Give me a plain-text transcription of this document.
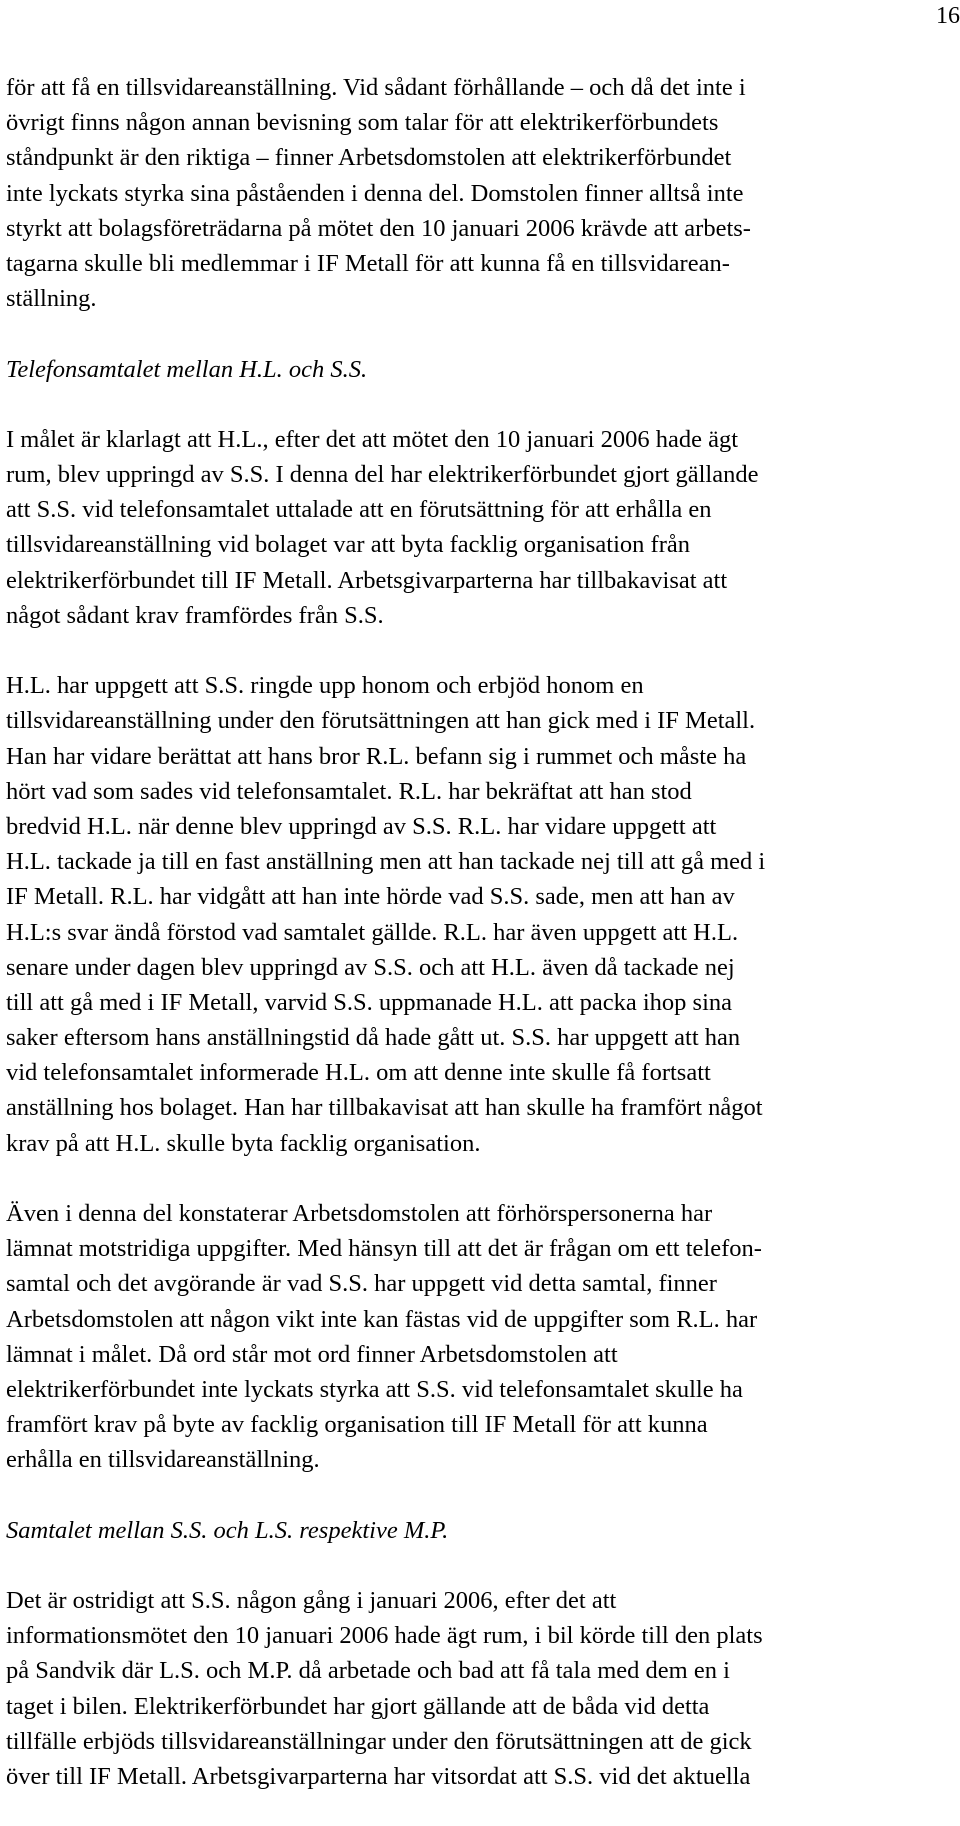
16
för att få en tillsvidareanställning. Vid sådant förhållande – och då det inte i
övrigt finns någon annan bevisning som talar för att elektrikerförbundets
ståndpunkt är den riktiga – finner Arbetsdomstolen att elektrikerförbundet
inte lyckats styrka sina påståenden i denna del. Domstolen finner alltså inte
styrkt att bolagsföreträdarna på mötet den 10 januari 2006 krävde att arbets-
tagarna skulle bli medlemmar i IF Metall för att kunna få en tillsvidarean-
ställning.
Telefonsamtalet mellan H.L. och S.S.
I målet är klarlagt att H.L., efter det att mötet den 10 januari 2006 hade ägt
rum, blev uppringd av S.S. I denna del har elektrikerförbundet gjort gällande
att S.S. vid telefonsamtalet uttalade att en förutsättning för att erhålla en
tillsvidareanställning vid bolaget var att byta facklig organisation från
elektrikerförbundet till IF Metall. Arbetsgivarparterna har tillbakavisat att
något sådant krav framfördes från S.S.
H.L. har uppgett att S.S. ringde upp honom och erbjöd honom en
tillsvidareanställning under den förutsättningen att han gick med i IF Metall.
Han har vidare berättat att hans bror R.L. befann sig i rummet och måste ha
hört vad som sades vid telefonsamtalet. R.L. har bekräftat att han stod
bredvid H.L. när denne blev uppringd av S.S. R.L. har vidare uppgett att
H.L. tackade ja till en fast anställning men att han tackade nej till att gå med i
IF Metall. R.L. har vidgått att han inte hörde vad S.S. sade, men att han av
H.L:s svar ändå förstod vad samtalet gällde. R.L. har även uppgett att H.L.
senare under dagen blev uppringd av S.S. och att H.L. även då tackade nej
till att gå med i IF Metall, varvid S.S. uppmanade H.L. att packa ihop sina
saker eftersom hans anställningstid då hade gått ut. S.S. har uppgett att han
vid telefonsamtalet informerade H.L. om att denne inte skulle få fortsatt
anställning hos bolaget. Han har tillbakavisat att han skulle ha framfört något
krav på att H.L. skulle byta facklig organisation.
Även i denna del konstaterar Arbetsdomstolen att förhörspersonerna har
lämnat motstridiga uppgifter. Med hänsyn till att det är frågan om ett telefon-
samtal och det avgörande är vad S.S. har uppgett vid detta samtal, finner
Arbetsdomstolen att någon vikt inte kan fästas vid de uppgifter som R.L. har
lämnat i målet. Då ord står mot ord finner Arbetsdomstolen att
elektrikerförbundet inte lyckats styrka att S.S. vid telefonsamtalet skulle ha
framfört krav på byte av facklig organisation till IF Metall för att kunna
erhålla en tillsvidareanställning.
Samtalet mellan S.S. och L.S. respektive M.P.
Det är ostridigt att S.S. någon gång i januari 2006, efter det att
informationsmötet den 10 januari 2006 hade ägt rum, i bil körde till den plats
på Sandvik där L.S. och M.P. då arbetade och bad att få tala med dem en i
taget i bilen. Elektrikerförbundet har gjort gällande att de båda vid detta
tillfälle erbjöds tillsvidareanställningar under den förutsättningen att de gick
över till IF Metall. Arbetsgivarparterna har vitsordat att S.S. vid det aktuella
